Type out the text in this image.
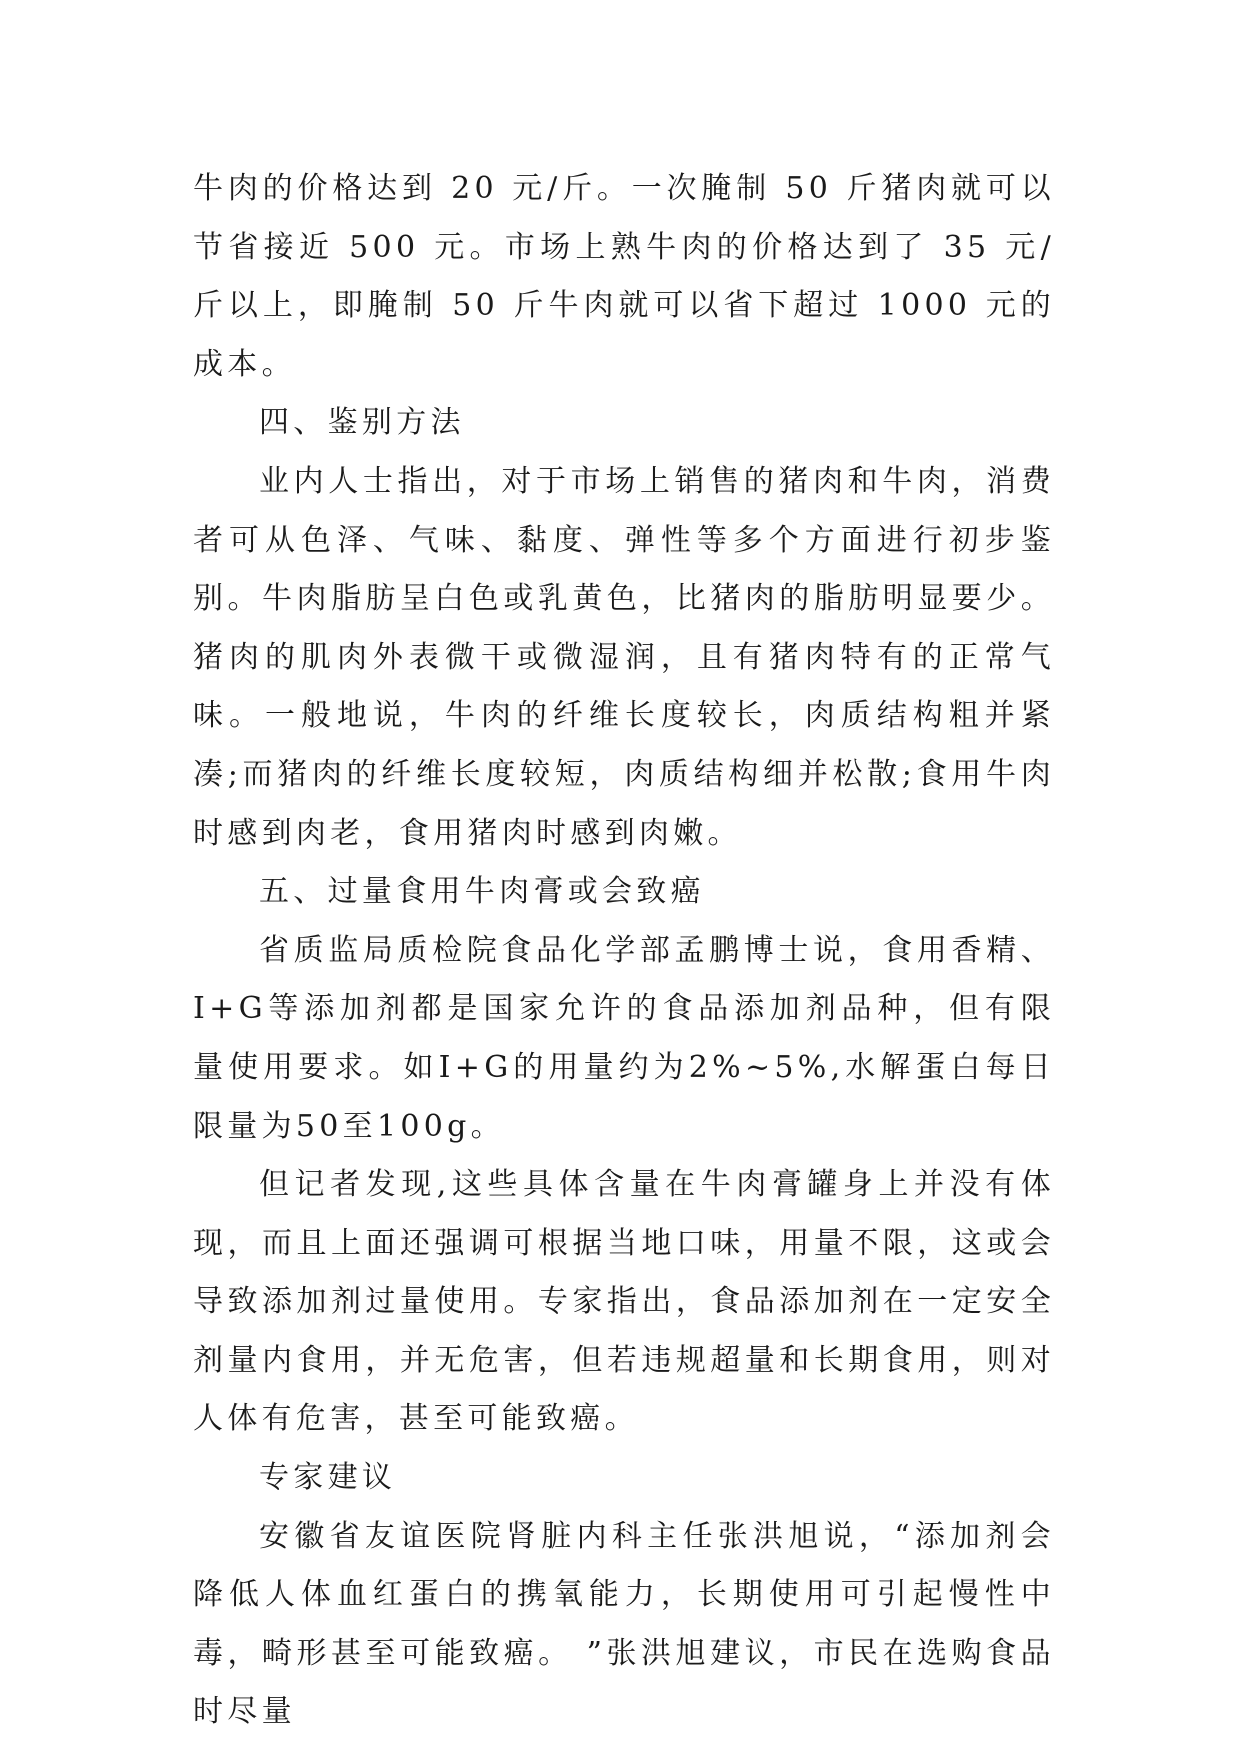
牛肉的价格达到 20 元/斤。一次腌制 50 斤猪肉就可以节省接近 500 元。市场上熟牛肉的价格达到了 35 元/斤以上，即腌制 50 斤牛肉就可以省下超过 1000 元的成本。

四、鉴别方法

业内人士指出，对于市场上销售的猪肉和牛肉，消费者可从色泽、气味、黏度、弹性等多个方面进行初步鉴别。牛肉脂肪呈白色或乳黄色，比猪肉的脂肪明显要少。猪肉的肌肉外表微干或微湿润，且有猪肉特有的正常气味。一般地说，牛肉的纤维长度较长，肉质结构粗并紧凑;而猪肉的纤维长度较短，肉质结构细并松散;食用牛肉时感到肉老，食用猪肉时感到肉嫩。

五、过量食用牛肉膏或会致癌

省质监局质检院食品化学部孟鹏博士说，食用香精、I+G等添加剂都是国家允许的食品添加剂品种，但有限量使用要求。如I+G的用量约为2%~5%,水解蛋白每日限量为50至100g。

但记者发现,这些具体含量在牛肉膏罐身上并没有体现，而且上面还强调可根据当地口味，用量不限，这或会导致添加剂过量使用。专家指出，食品添加剂在一定安全剂量内食用，并无危害，但若违规超量和长期食用，则对人体有危害，甚至可能致癌。

专家建议

安徽省友谊医院肾脏内科主任张洪旭说，“添加剂会降低人体血红蛋白的携氧能力，长期使用可引起慢性中毒，畸形甚至可能致癌。 ”张洪旭建议，市民在选购食品时尽量
